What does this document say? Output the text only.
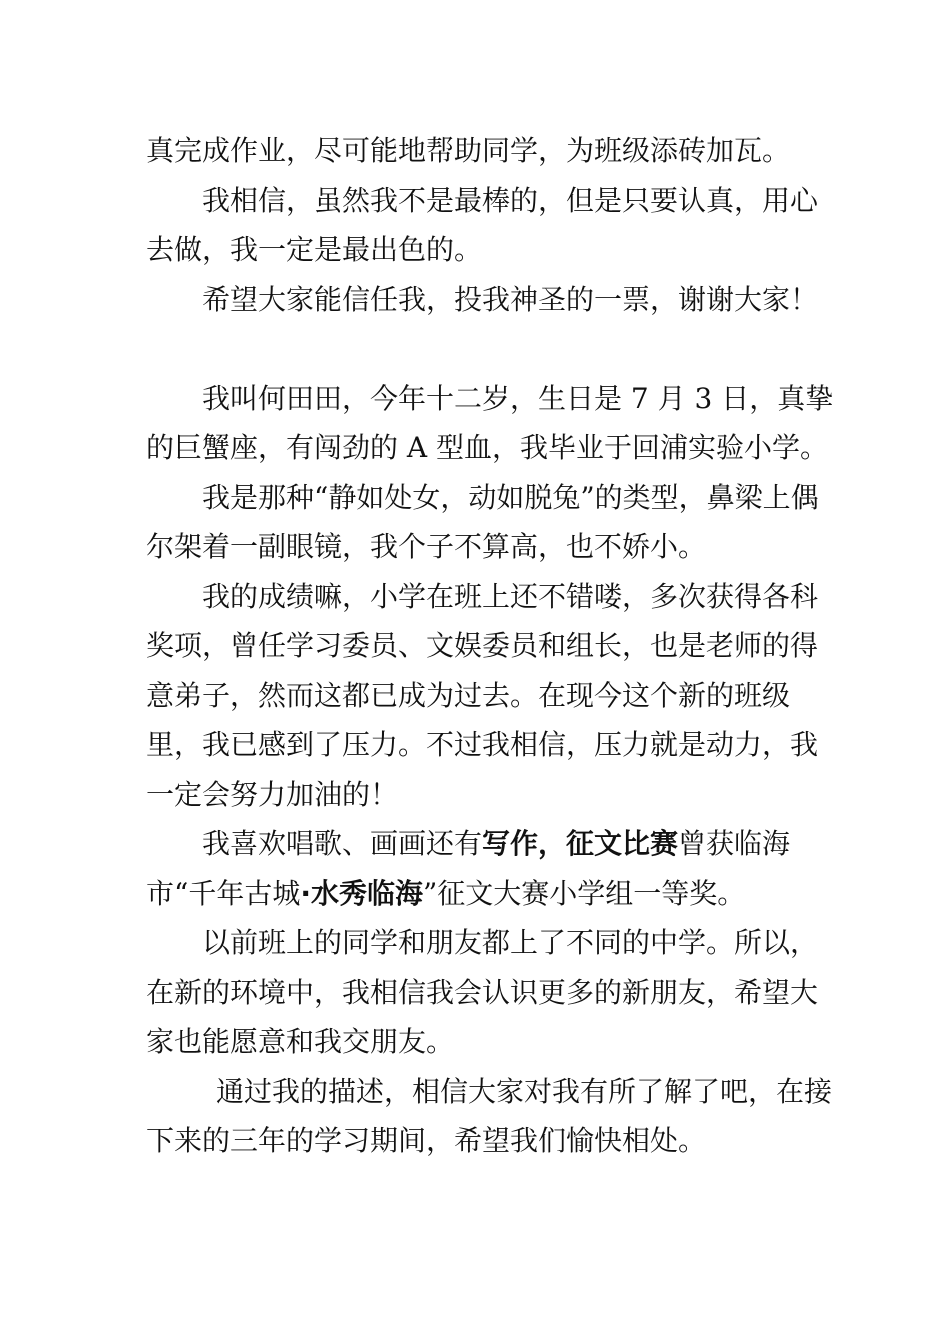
真完成作业，尽可能地帮助同学，为班级添砖加瓦。

我相信，虽然我不是最棒的，但是只要认真，用心去做，我一定是最出色的。

希望大家能信任我，投我神圣的一票，谢谢大家！

我叫何田田，今年十二岁，生日是 7 月 3 日，真挚的巨蟹座，有闯劲的 A 型血，我毕业于回浦实验小学。

我是那种“静如处女，动如脱兔”的类型，鼻梁上偶尔架着一副眼镜，我个子不算高，也不娇小。

我的成绩嘛，小学在班上还不错喽，多次获得各科奖项，曾任学习委员、文娱委员和组长，也是老师的得意弟子，然而这都已成为过去。在现今这个新的班级里，我已感到了压力。不过我相信，压力就是动力，我一定会努力加油的！

我喜欢唱歌、画画还有写作，征文比赛曾获临海市“千年古城·水秀临海”征文大赛小学组一等奖。

以前班上的同学和朋友都上了不同的中学。所以，在新的环境中，我相信我会认识更多的新朋友，希望大家也能愿意和我交朋友。

通过我的描述，相信大家对我有所了解了吧，在接下来的三年的学习期间，希望我们愉快相处。
